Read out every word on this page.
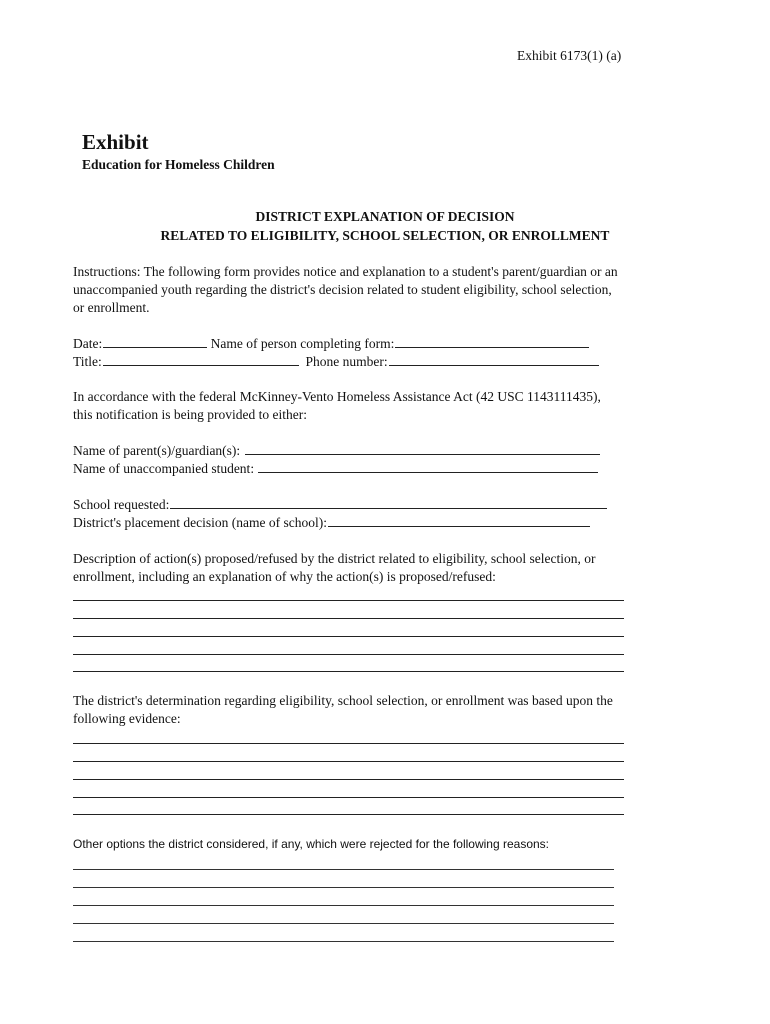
Exhibit 6173(1) (a)
Exhibit
Education for Homeless Children
DISTRICT EXPLANATION OF DECISION
RELATED TO ELIGIBILITY, SCHOOL SELECTION, OR ENROLLMENT
Instructions: The following form provides notice and explanation to a student's parent/guardian or an
unaccompanied youth regarding the district's decision related to student eligibility, school selection,
or enrollment.
Date:	Name of person completing form:
Title:	Phone number:
In accordance with the federal McKinney-Vento Homeless Assistance Act (42 USC 1143111435),
this notification is being provided to either:
Name of parent(s)/guardian(s):
Name of unaccompanied student:
School requested:
District's placement decision (name of school):
Description of action(s) proposed/refused by the district related to eligibility, school selection, or
enrollment, including an explanation of why the action(s) is proposed/refused:
The district's determination regarding eligibility, school selection, or enrollment was based upon the
following evidence:
Other options the district considered, if any, which were rejected for the following reasons:
